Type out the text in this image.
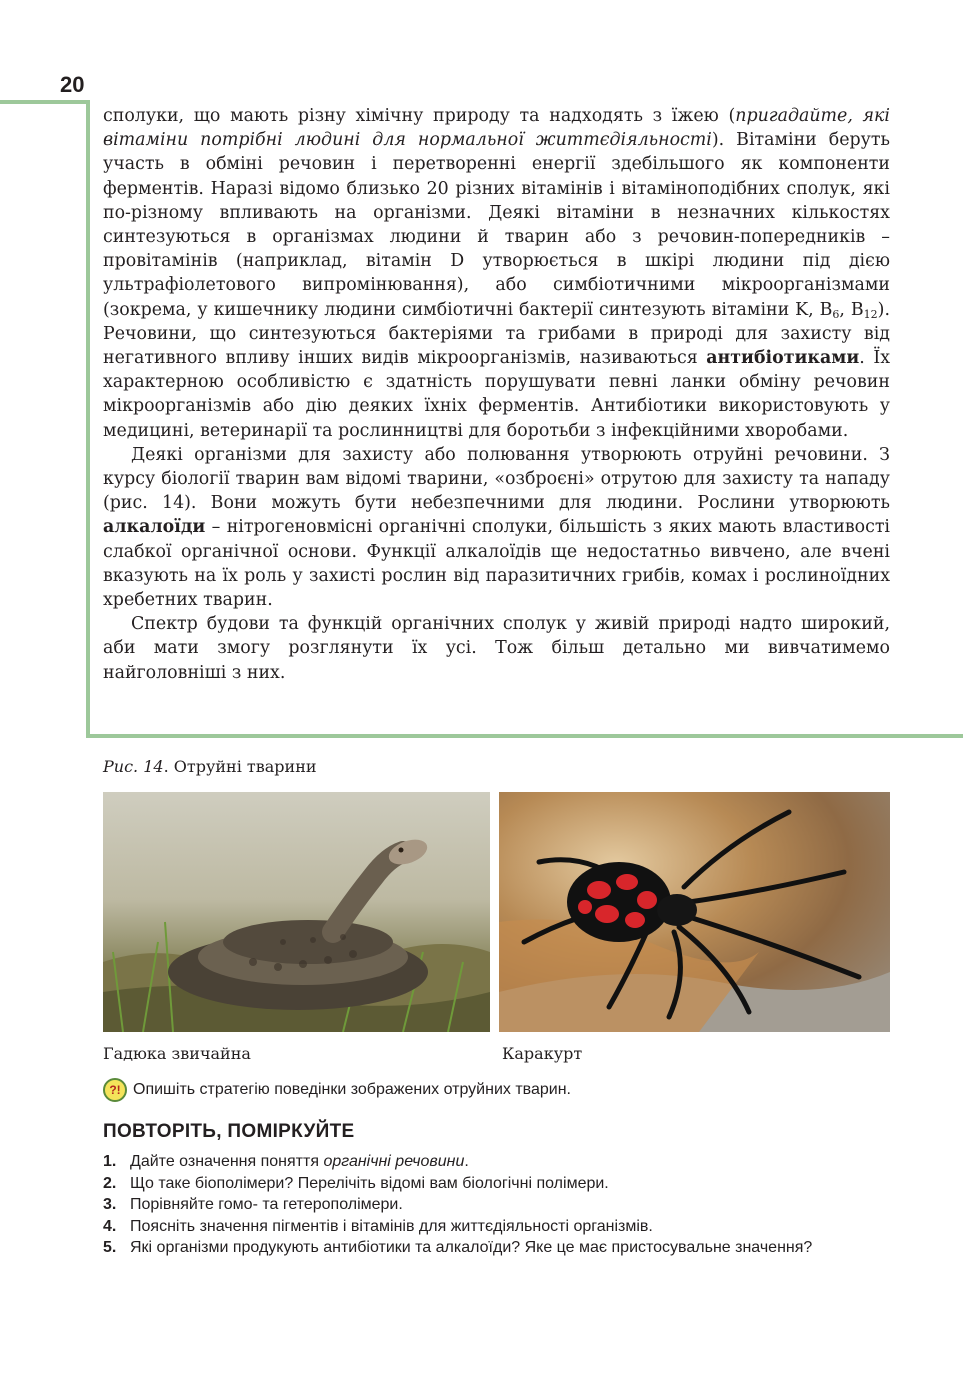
20

сполуки, що мають різну хімічну природу та надходять з їжею (пригадайте, які вітаміни потрібні людині для нормальної життєдіяльності). Вітаміни беруть участь в обміні речовин і перетворенні енергії здебільшого як компоненти ферментів. Наразі відомо близько 20 різних вітамінів і вітаміноподібних сполук, які по-різному впливають на організми. Деякі вітаміни в незначних кількостях синтезуються в організмах людини й тварин або з речовин-попередників – провітамінів (наприклад, вітамін D утворюється в шкірі людини під дією ультрафіолетового випромінювання), або симбіотичними мікроорганізмами (зокрема, у кишечнику людини симбіотичні бактерії синтезують вітаміни K, $B_6$, $B_{12}$). Речовини, що синтезуються бактеріями та грибами в природі для захисту від негативного впливу інших видів мікроорганізмів, називаються антибіотиками. Їх характерною особливістю є здатність порушувати певні ланки обміну речовин мікроорганізмів або дію деяких їхніх ферментів. Антибіотики використовують у медицині, ветеринарії та рослинництві для боротьби з інфекційними хворобами.

Деякі організми для захисту або полювання утворюють отруйні речовини. З курсу біології тварин вам відомі тварини, «озброєні» отрутою для захисту та нападу (рис. 14). Вони можуть бути небезпечними для людини. Рослини утворюють алкалоїди – нітрогеновмісні органічні сполуки, більшість з яких мають властивості слабкої органічної основи. Функції алкалоїдів ще недостатньо вивчено, але вчені вказують на їх роль у захисті рослин від паразитичних грибів, комах і рослиноїдних хребетних тварин.

Спектр будови та функцій органічних сполук у живій природі надто широкий, аби мати змогу розглянути їх усі. Тож більш детально ми вивчатимемо найголовніші з них.

Рис. 14. Отруйні тварини
Гадюка звичайна	Каракурт
?! Опишіть стратегію поведінки зображених отруйних тварин.
ПОВТОРІТЬ, ПОМІРКУЙТЕ
1. Дайте означення поняття органічні речовини.
2. Що таке біополімери? Перелічіть відомі вам біологічні полімери.
3. Порівняйте гомо- та гетерополімери.
4. Поясніть значення пігментів і вітамінів для життєдіяльності організмів.
5. Які організми продукують антибіотики та алкалоїди? Яке це має пристосувальне значення?
